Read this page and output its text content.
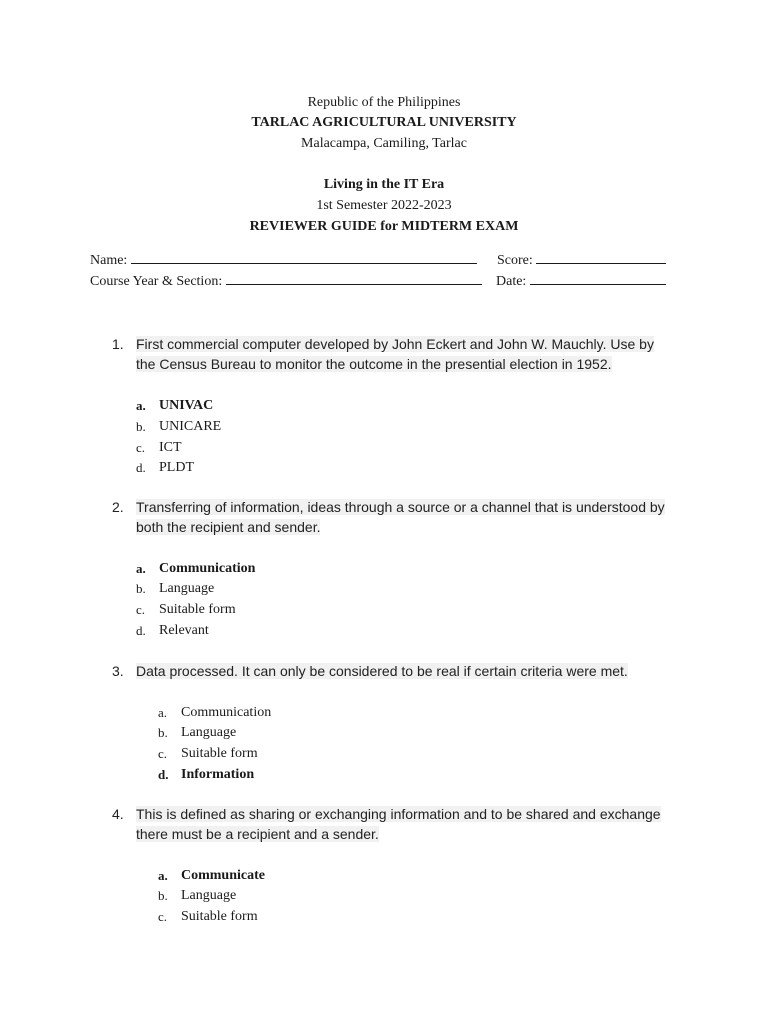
Republic of the Philippines
TARLAC AGRICULTURAL UNIVERSITY
Malacampa, Camiling, Tarlac
Living in the IT Era
1st Semester 2022-2023
REVIEWER GUIDE for MIDTERM EXAM
Name:	Score:
Course Year & Section:	Date:
1. First commercial computer developed by John Eckert and John W. Mauchly. Use by the Census Bureau to monitor the outcome in the presential election in 1952.
a. UNIVAC
b. UNICARE
c. ICT
d. PLDT
2. Transferring of information, ideas through a source or a channel that is understood by both the recipient and sender.
a. Communication
b. Language
c. Suitable form
d. Relevant
3. Data processed. It can only be considered to be real if certain criteria were met.
a. Communication
b. Language
c. Suitable form
d. Information
4. This is defined as sharing or exchanging information and to be shared and exchange there must be a recipient and a sender.
a. Communicate
b. Language
c. Suitable form
